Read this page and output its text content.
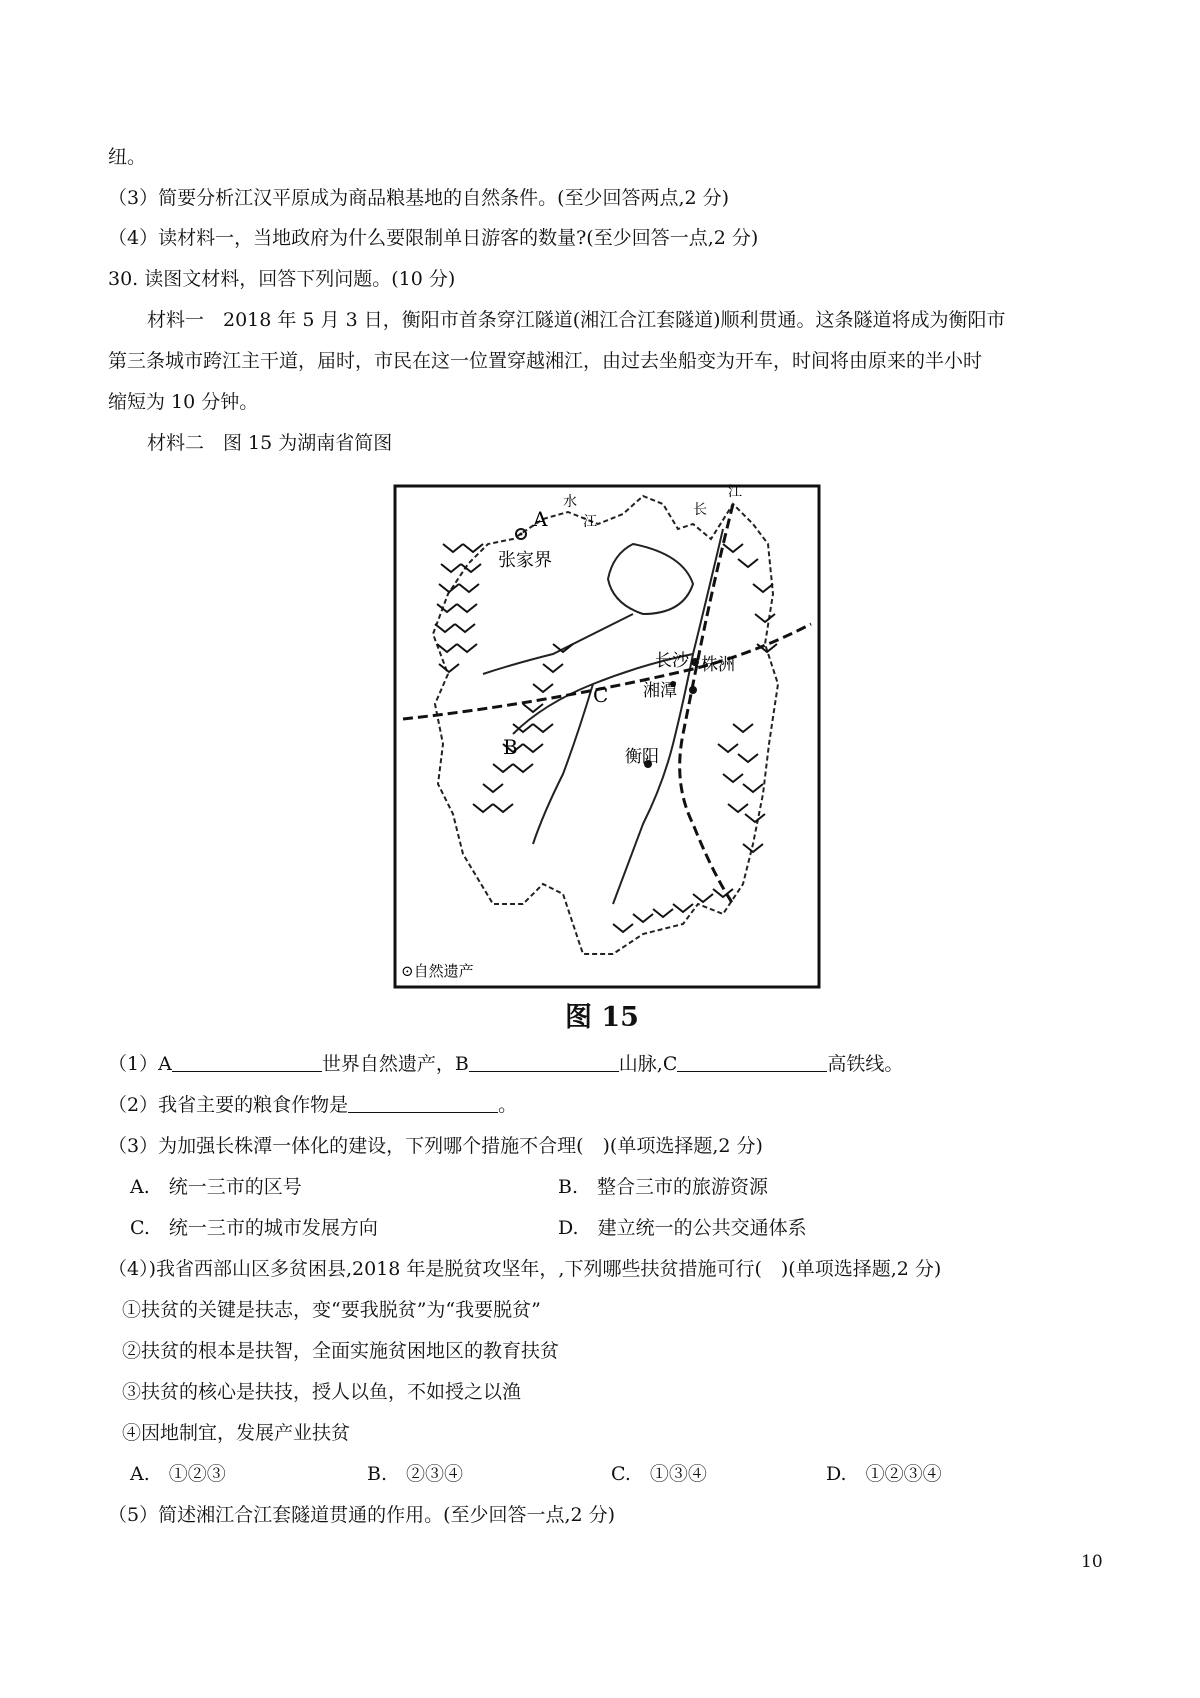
纽。
（3）简要分析江汉平原成为商品粮基地的自然条件。(至少回答两点,2 分)
（4）读材料一，当地政府为什么要限制单日游客的数量?(至少回答一点,2 分)
30. 读图文材料，回答下列问题。(10 分)
材料一　2018 年 5 月 3 日，衡阳市首条穿江隧道(湘江合江套隧道)顺利贯通。这条隧道将成为衡阳市
第三条城市跨江主干道，届时，市民在这一位置穿越湘江，由过去坐船变为开车，时间将由原来的半小时
缩短为 10 分钟。
材料二　图 15 为湖南省简图
A
张家界
C
B
长沙 株洲
湘潭
衡阳
水
江
长
江
⊙自然遗产
图 15
（1）A	世界自然遗产，B	山脉,C	高铁线。
（2）我省主要的粮食作物是	。
（3）为加强长株潭一体化的建设，下列哪个措施不合理(　)(单项选择题,2 分)
A.　统一三市的区号	B.　整合三市的旅游资源
C.　统一三市的城市发展方向	D.　建立统一的公共交通体系
（4）)我省西部山区多贫困县,2018 年是脱贫攻坚年，,下列哪些扶贫措施可行(　)(单项选择题,2 分)
①扶贫的关键是扶志，变“要我脱贫”为“我要脱贫”
②扶贫的根本是扶智，全面实施贫困地区的教育扶贫
③扶贫的核心是扶技，授人以鱼，不如授之以渔
④因地制宜，发展产业扶贫
A.　①②③	B.　②③④	C.　①③④	D.　①②③④
（5）简述湘江合江套隧道贯通的作用。(至少回答一点,2 分)
10
